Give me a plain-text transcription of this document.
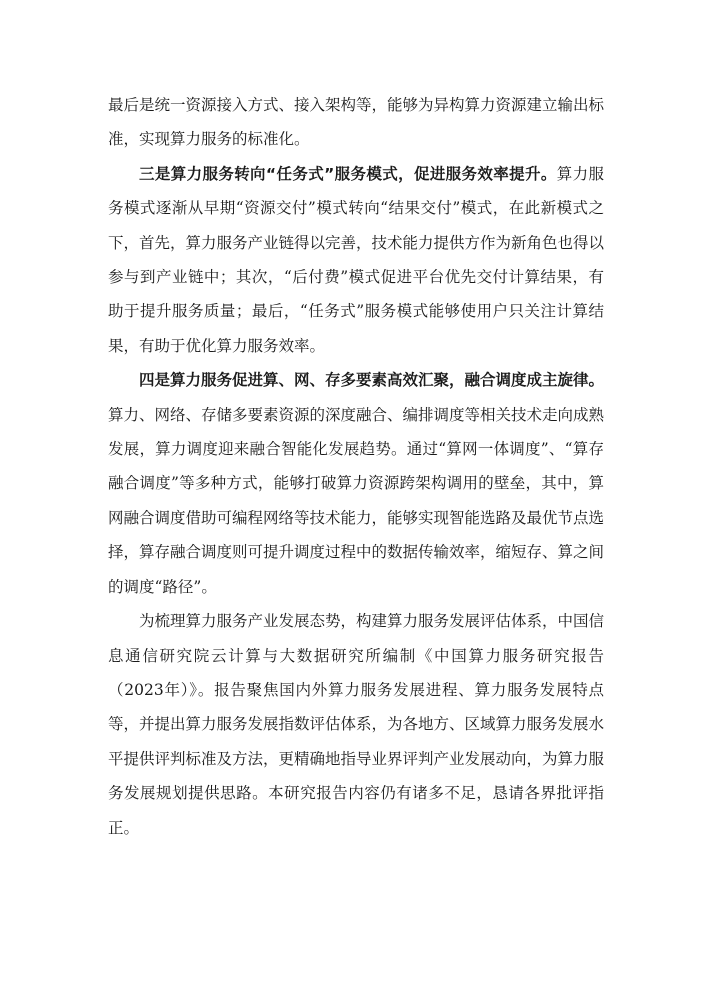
最后是统一资源接入方式、接入架构等，能够为异构算力资源建立输出标准，实现算力服务的标准化。

三是算力服务转向“任务式”服务模式，促进服务效率提升。算力服务模式逐渐从早期“资源交付”模式转向“结果交付”模式，在此新模式之下，首先，算力服务产业链得以完善，技术能力提供方作为新角色也得以参与到产业链中；其次，“后付费”模式促进平台优先交付计算结果，有助于提升服务质量；最后，“任务式”服务模式能够使用户只关注计算结果，有助于优化算力服务效率。

四是算力服务促进算、网、存多要素高效汇聚，融合调度成主旋律。算力、网络、存储多要素资源的深度融合、编排调度等相关技术走向成熟发展，算力调度迎来融合智能化发展趋势。通过“算网一体调度”、“算存融合调度”等多种方式，能够打破算力资源跨架构调用的壁垒，其中，算网融合调度借助可编程网络等技术能力，能够实现智能选路及最优节点选择，算存融合调度则可提升调度过程中的数据传输效率，缩短存、算之间的调度“路径”。

为梳理算力服务产业发展态势，构建算力服务发展评估体系，中国信息通信研究院云计算与大数据研究所编制《中国算力服务研究报告（2023年）》。报告聚焦国内外算力服务发展进程、算力服务发展特点等，并提出算力服务发展指数评估体系，为各地方、区域算力服务发展水平提供评判标准及方法，更精确地指导业界评判产业发展动向，为算力服务发展规划提供思路。本研究报告内容仍有诸多不足，恳请各界批评指正。
